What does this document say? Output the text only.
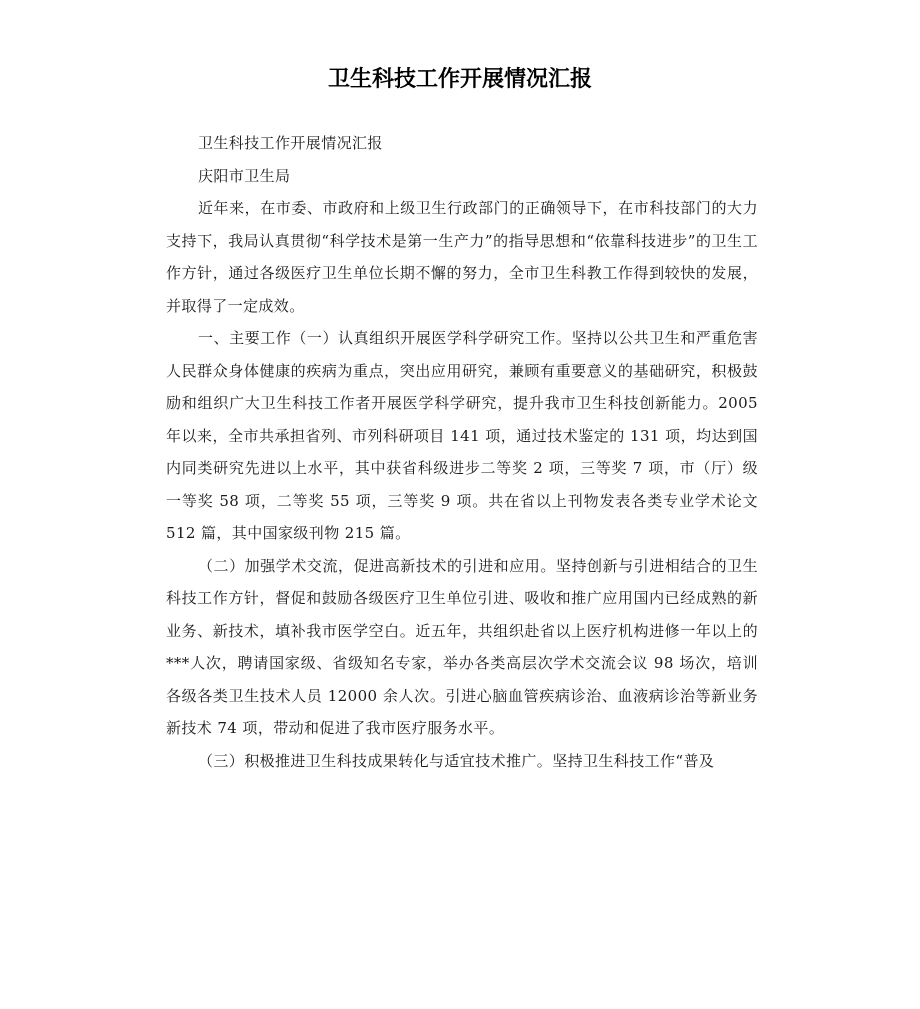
卫生科技工作开展情况汇报

卫生科技工作开展情况汇报

庆阳市卫生局

近年来，在市委、市政府和上级卫生行政部门的正确领导下，在市科技部门的大力支持下，我局认真贯彻“科学技术是第一生产力”的指导思想和“依靠科技进步”的卫生工作方针，通过各级医疗卫生单位长期不懈的努力，全市卫生科教工作得到较快的发展，并取得了一定成效。

一、主要工作（一）认真组织开展医学科学研究工作。坚持以公共卫生和严重危害人民群众身体健康的疾病为重点，突出应用研究，兼顾有重要意义的基础研究，积极鼓励和组织广大卫生科技工作者开展医学科学研究，提升我市卫生科技创新能力。2005 年以来，全市共承担省列、市列科研项目 141 项，通过技术鉴定的 131 项，均达到国内同类研究先进以上水平，其中获省科级进步二等奖 2 项，三等奖 7 项，市（厅）级一等奖 58 项，二等奖 55 项，三等奖 9 项。共在省以上刊物发表各类专业学术论文 512 篇，其中国家级刊物 215 篇。

（二）加强学术交流，促进高新技术的引进和应用。坚持创新与引进相结合的卫生科技工作方针，督促和鼓励各级医疗卫生单位引进、吸收和推广应用国内已经成熟的新业务、新技术，填补我市医学空白。近五年，共组织赴省以上医疗机构进修一年以上的***人次，聘请国家级、省级知名专家，举办各类高层次学术交流会议 98 场次，培训各级各类卫生技术人员 12000 余人次。引进心脑血管疾病诊治、血液病诊治等新业务新技术 74 项，带动和促进了我市医疗服务水平。

（三）积极推进卫生科技成果转化与适宜技术推广。坚持卫生科技工作“普及
